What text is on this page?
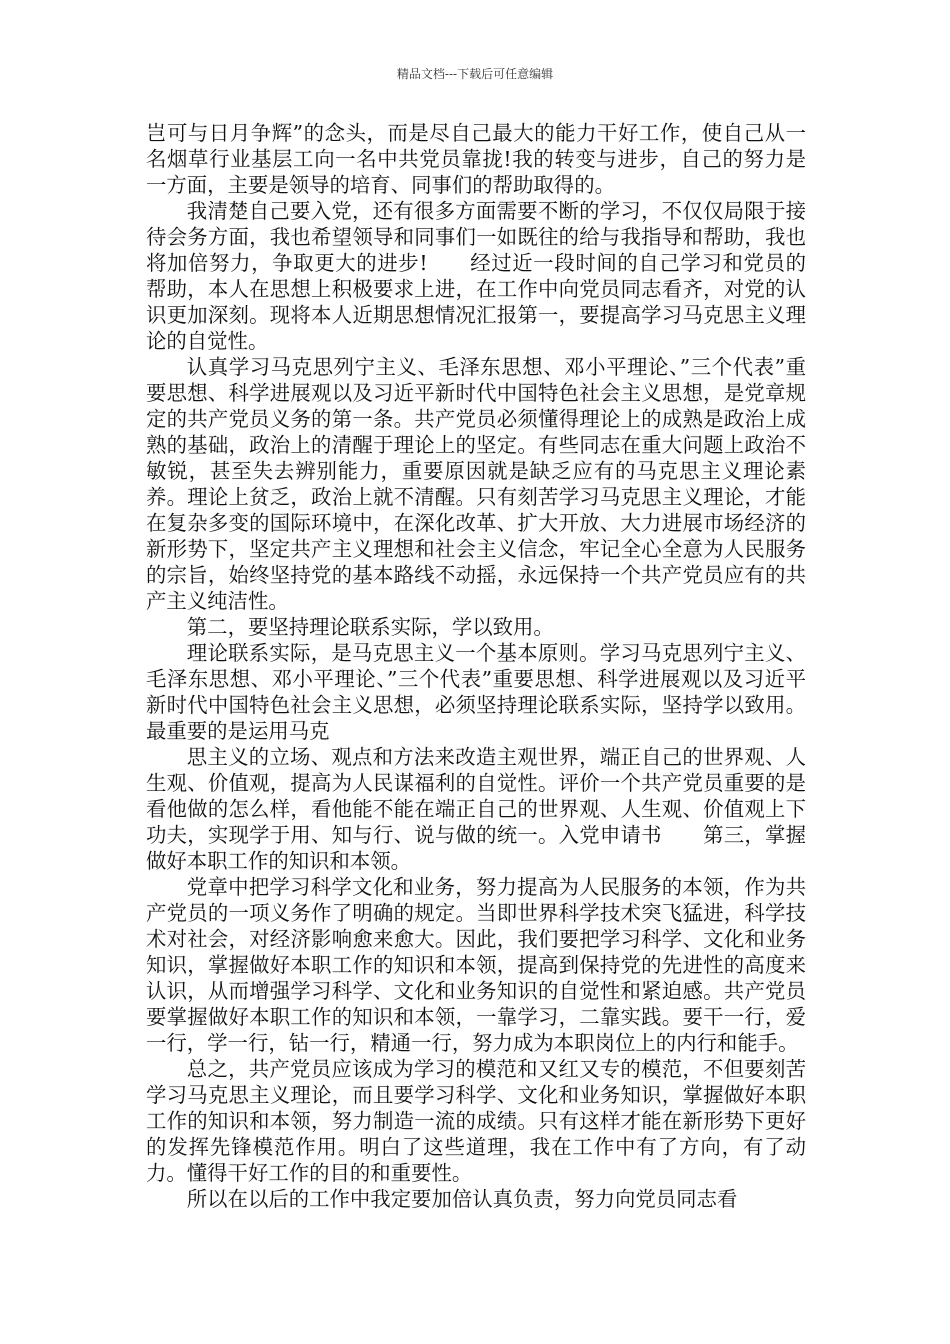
精品文档---下载后可任意编辑

岂可与日月争辉”的念头，而是尽自己最大的能力干好工作，使自己从一名烟草行业基层工向一名中共党员靠拢!我的转变与进步，自己的努力是一方面，主要是领导的培育、同事们的帮助取得的。

我清楚自己要入党，还有很多方面需要不断的学习，不仅仅局限于接待会务方面，我也希望领导和同事们一如既往的给与我指导和帮助，我也将加倍努力，争取更大的进步!　　经过近一段时间的自己学习和党员的帮助，本人在思想上积极要求上进，在工作中向党员同志看齐，对党的认识更加深刻。现将本人近期思想情况汇报第一，要提高学习马克思主义理论的自觉性。

认真学习马克思列宁主义、毛泽东思想、邓小平理论、”三个代表”重要思想、科学进展观以及习近平新时代中国特色社会主义思想，是党章规定的共产党员义务的第一条。共产党员必须懂得理论上的成熟是政治上成熟的基础，政治上的清醒于理论上的坚定。有些同志在重大问题上政治不敏锐，甚至失去辨别能力，重要原因就是缺乏应有的马克思主义理论素养。理论上贫乏，政治上就不清醒。只有刻苦学习马克思主义理论，才能在复杂多变的国际环境中，在深化改革、扩大开放、大力进展市场经济的新形势下，坚定共产主义理想和社会主义信念，牢记全心全意为人民服务的宗旨，始终坚持党的基本路线不动摇，永远保持一个共产党员应有的共产主义纯洁性。

第二，要坚持理论联系实际，学以致用。

理论联系实际，是马克思主义一个基本原则。学习马克思列宁主义、毛泽东思想、邓小平理论、”三个代表”重要思想、科学进展观以及习近平新时代中国特色社会主义思想，必须坚持理论联系实际，坚持学以致用。最重要的是运用马克

思主义的立场、观点和方法来改造主观世界，端正自己的世界观、人生观、价值观，提高为人民谋福利的自觉性。评价一个共产党员重要的是看他做的怎么样，看他能不能在端正自己的世界观、人生观、价值观上下功夫，实现学于用、知与行、说与做的统一。入党申请书　　第三，掌握做好本职工作的知识和本领。

党章中把学习科学文化和业务，努力提高为人民服务的本领，作为共产党员的一项义务作了明确的规定。当即世界科学技术突飞猛进，科学技术对社会，对经济影响愈来愈大。因此，我们要把学习科学、文化和业务知识，掌握做好本职工作的知识和本领，提高到保持党的先进性的高度来认识，从而增强学习科学、文化和业务知识的自觉性和紧迫感。共产党员要掌握做好本职工作的知识和本领，一靠学习，二靠实践。要干一行，爱一行，学一行，钻一行，精通一行，努力成为本职岗位上的内行和能手。

总之，共产党员应该成为学习的模范和又红又专的模范，不但要刻苦学习马克思主义理论，而且要学习科学、文化和业务知识，掌握做好本职工作的知识和本领，努力制造一流的成绩。只有这样才能在新形势下更好的发挥先锋模范作用。明白了这些道理，我在工作中有了方向，有了动力。懂得干好工作的目的和重要性。

所以在以后的工作中我定要加倍认真负责，努力向党员同志看
